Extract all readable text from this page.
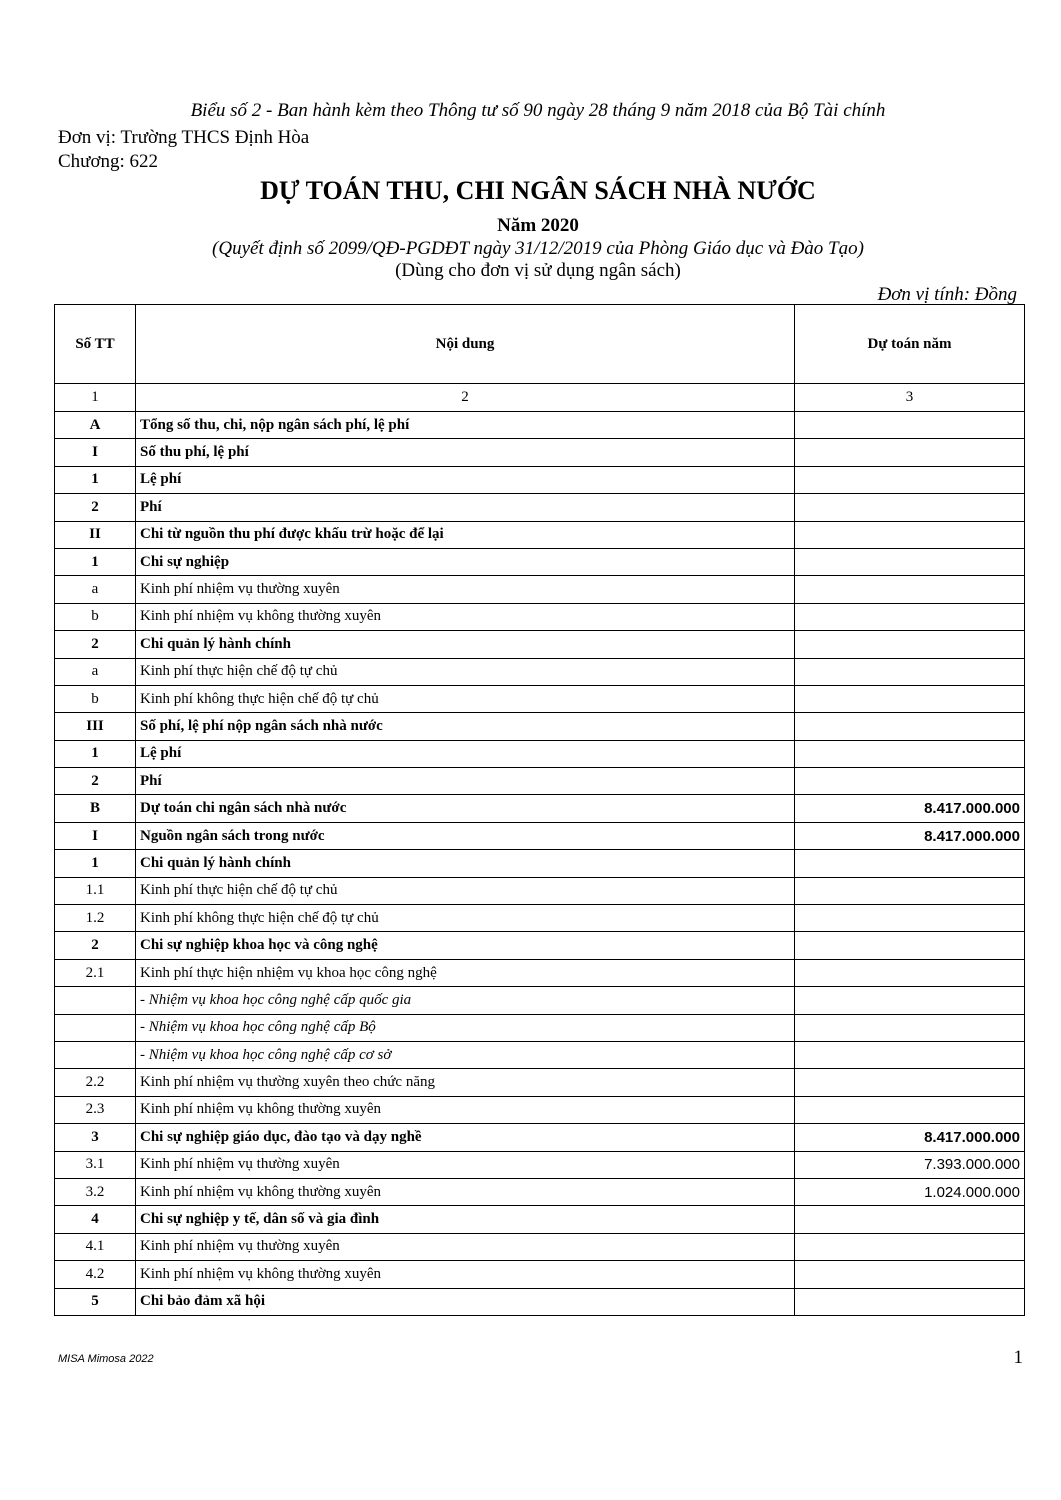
Biểu số 2 - Ban hành kèm theo Thông tư số 90 ngày 28 tháng 9 năm 2018 của Bộ Tài chính
Đơn vị: Trường THCS Định Hòa
Chương: 622
DỰ TOÁN THU, CHI NGÂN SÁCH NHÀ NƯỚC
Năm 2020
(Quyết định số 2099/QĐ-PGDĐT ngày 31/12/2019 của Phòng Giáo dục và Đào Tạo)
(Dùng cho đơn vị sử dụng ngân sách)
Đơn vị tính: Đồng
Số TT	Nội dung	Dự toán năm
1	2	3
A	Tổng số thu, chi, nộp ngân sách phí, lệ phí	
I	Số thu phí, lệ phí	
1	Lệ phí	
2	Phí	
II	Chi từ nguồn thu phí được khấu trừ hoặc để lại	
1	Chi sự nghiệp	
a	Kinh phí nhiệm vụ thường xuyên	
b	Kinh phí nhiệm vụ không thường xuyên	
2	Chi quản lý hành chính	
a	Kinh phí thực hiện chế độ tự chủ	
b	Kinh phí không thực hiện chế độ tự chủ	
III	Số phí, lệ phí nộp ngân sách nhà nước	
1	Lệ phí	
2	Phí	
B	Dự toán chi ngân sách nhà nước	8.417.000.000
I	Nguồn ngân sách trong nước	8.417.000.000
1	Chi quản lý hành chính	
1.1	Kinh phí thực hiện chế độ tự chủ	
1.2	Kinh phí không thực hiện chế độ tự chủ	
2	Chi sự nghiệp khoa học và công nghệ	
2.1	Kinh phí thực hiện nhiệm vụ khoa học công nghệ	
	- Nhiệm vụ khoa học công nghệ cấp quốc gia	
	- Nhiệm vụ khoa học công nghệ cấp Bộ	
	- Nhiệm vụ khoa học công nghệ cấp cơ sở	
2.2	Kinh phí nhiệm vụ thường xuyên theo chức năng	
2.3	Kinh phí nhiệm vụ không thường xuyên	
3	Chi sự nghiệp giáo dục, đào tạo và dạy nghề	8.417.000.000
3.1	Kinh phí nhiệm vụ thường xuyên	7.393.000.000
3.2	Kinh phí nhiệm vụ không thường xuyên	1.024.000.000
4	Chi sự nghiệp y tế, dân số và gia đình	
4.1	Kinh phí nhiệm vụ thường xuyên	
4.2	Kinh phí nhiệm vụ không thường xuyên	
5	Chi bảo đảm xã hội	
MISA Mimosa 2022	1
